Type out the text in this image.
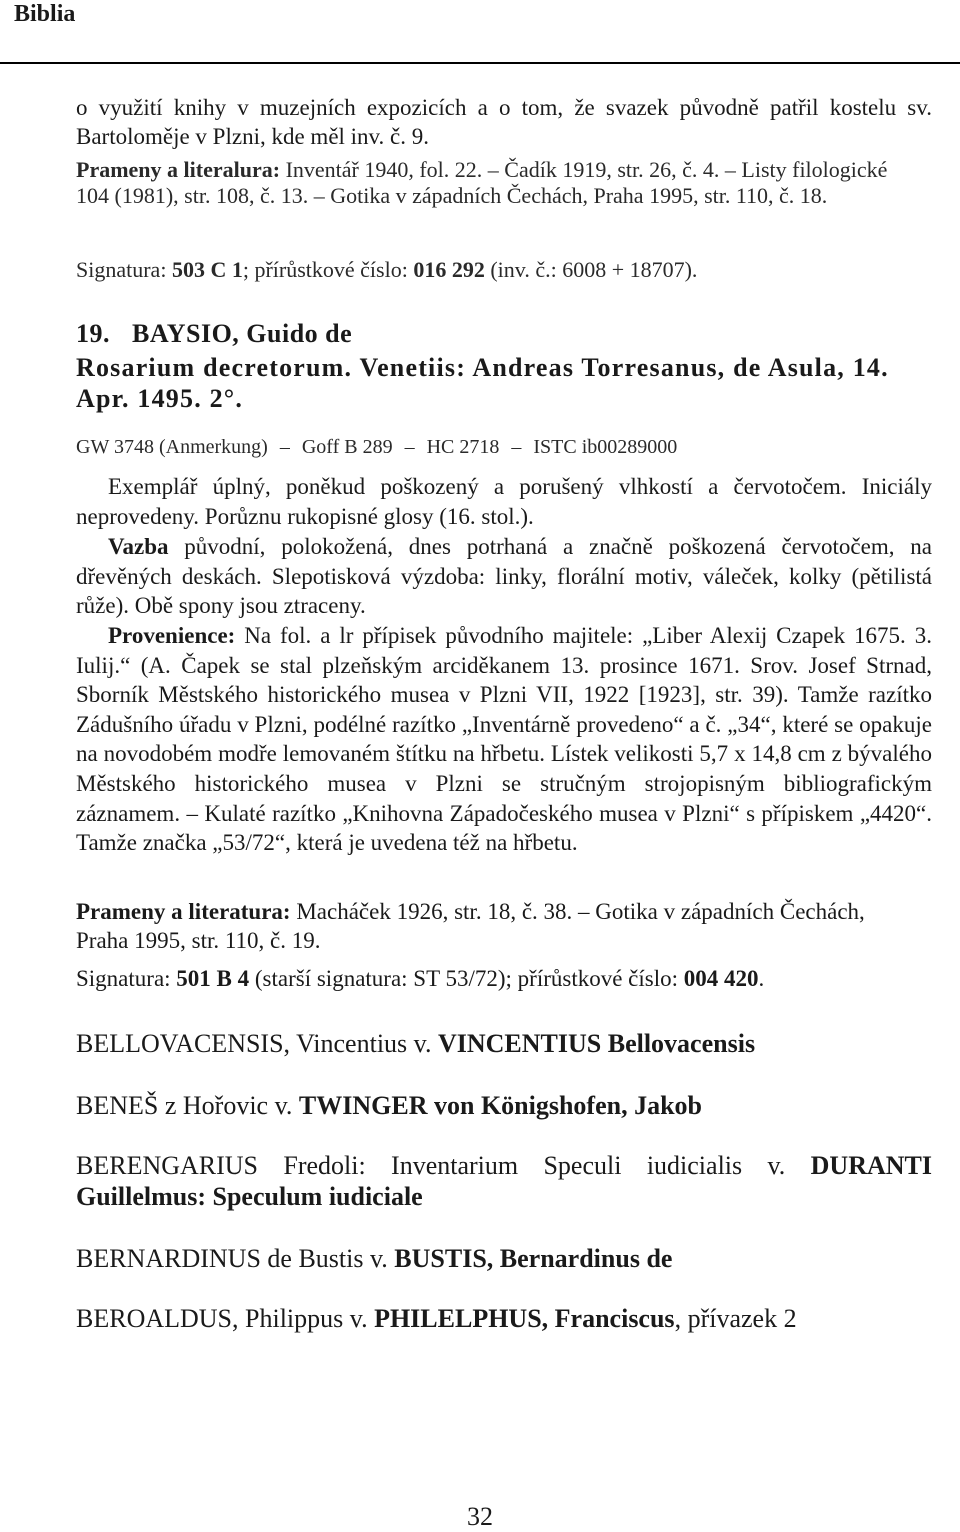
Biblia

o využití knihy v muzejních expozicích a o tom, že svazek původně patřil kostelu sv. Bartoloměje v Plzni, kde měl inv. č. 9.

Prameny a literalura: Inventář 1940, fol. 22. – Čadík 1919, str. 26, č. 4. – Listy filologické 104 (1981), str. 108, č. 13. – Gotika v západních Čechách, Praha 1995, str. 110, č. 18.

Signatura: 503 C 1; přírůstkové číslo: 016 292 (inv. č.: 6008 + 18707).

19. BAYSIO, Guido de

Rosarium decretorum. Venetiis: Andreas Torresanus, de Asula, 14. Apr. 1495. 2°.

GW 3748 (Anmerkung) – Goff B 289 – HC 2718 – ISTC ib00289000

Exemplář úplný, poněkud poškozený a porušený vlhkostí a červotočem. Iniciály neprovedeny. Porůznu rukopisné glosy (16. stol.).

Vazba původní, polokožená, dnes potrhaná a značně poškozená červotočem, na dřevěných deskách. Slepotisková výzdoba: linky, florální motiv, váleček, kolky (pětilistá růže). Obě spony jsou ztraceny.

Provenience: Na fol. a lr přípisek původního majitele: „Liber Alexij Czapek 1675. 3. Iulij.“ (A. Čapek se stal plzeňským arciděkanem 13. prosince 1671. Srov. Josef Strnad, Sborník Městského historického musea v Plzni VII, 1922 [1923], str. 39). Tamže razítko Zádušního úřadu v Plzni, podélné razítko „Inventárně provedeno“ a č. „34“, které se opakuje na novodobém modře lemovaném štítku na hřbetu. Lístek velikosti 5,7 x 14,8 cm z bývalého Městského historického musea v Plzni se stručným strojopisným bibliografickým záznamem. – Kulaté razítko „Knihovna Západočeského musea v Plzni“ s přípiskem „4420“. Tamže značka „53/72“, která je uvedena též na hřbetu.

Prameny a literatura: Macháček 1926, str. 18, č. 38. – Gotika v západních Čechách, Praha 1995, str. 110, č. 19.

Signatura: 501 B 4 (starší signatura: ST 53/72); přírůstkové číslo: 004 420.

BELLOVACENSIS, Vincentius v. VINCENTIUS Bellovacensis

BENEŠ z Hořovic v. TWINGER von Königshofen, Jakob

BERENGARIUS Fredoli: Inventarium Speculi iudicialis v. DURANTI Guillelmus: Speculum iudiciale

BERNARDINUS de Bustis v. BUSTIS, Bernardinus de

BEROALDUS, Philippus v. PHILELPHUS, Franciscus, přívazek 2

32
